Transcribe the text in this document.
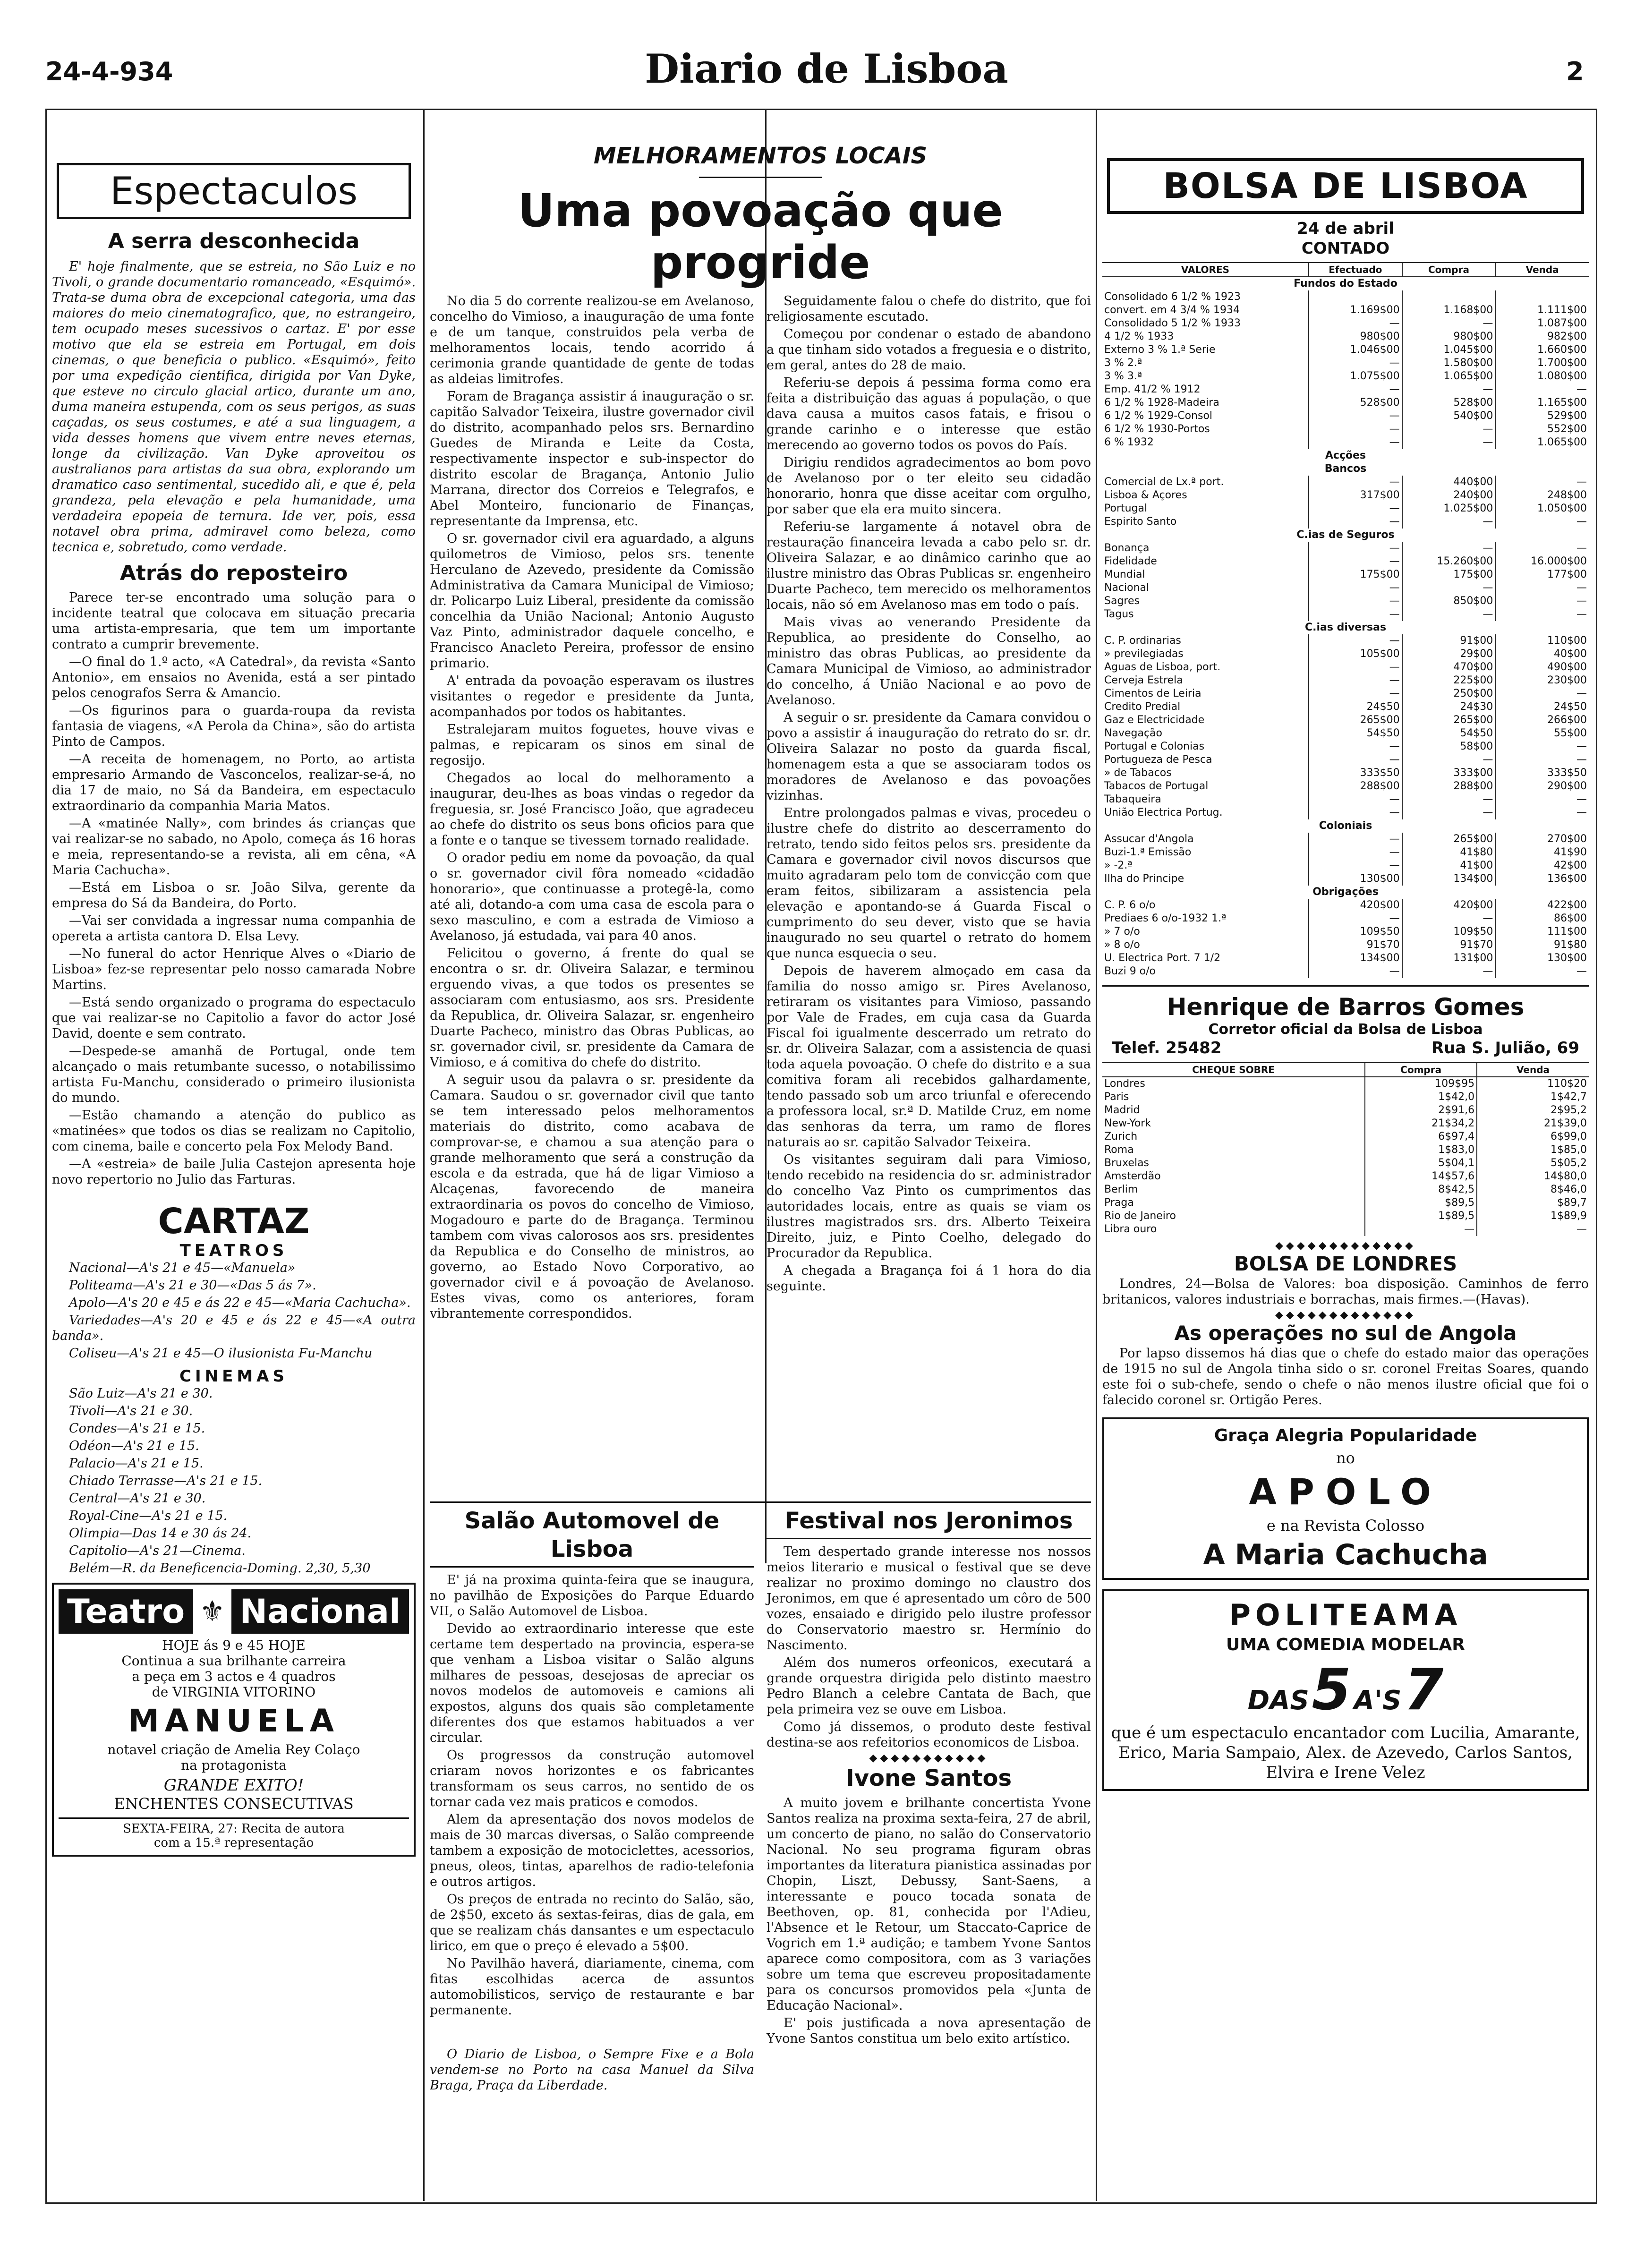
24-4-934	Diario de Lisboa	2
Espectaculos
A serra desconhecida

E' hoje finalmente, que se estreia, no São Luiz e no Tivoli, o grande documentario romanceado, «Esquimó». Trata-se duma obra de excepcional categoria, uma das maiores do meio cinematografico, que, no estrangeiro, tem ocupado meses sucessivos o cartaz. E' por esse motivo que ela se estreia em Portugal, em dois cinemas, o que beneficia o publico. «Esquimó», feito por uma expedição cientifica, dirigida por Van Dyke, que esteve no circulo glacial artico, durante um ano, duma maneira estupenda, com os seus perigos, as suas caçadas, os seus costumes, e até a sua linguagem, a vida desses homens que vivem entre neves eternas, longe da civilização. Van Dyke aproveitou os australianos para artistas da sua obra, explorando um dramatico caso sentimental, sucedido ali, e que é, pela grandeza, pela elevação e pela humanidade, uma verdadeira epopeia de ternura. Ide ver, pois, essa notavel obra prima, admiravel como beleza, como tecnica e, sobretudo, como verdade.

Atrás do reposteiro

Parece ter-se encontrado uma solução para o incidente teatral que colocava em situação precaria uma artista-empresaria, que tem um importante contrato a cumprir brevemente.

—O final do 1.º acto, «A Catedral», da revista «Santo Antonio», em ensaios no Avenida, está a ser pintado pelos cenografos Serra & Amancio.

—Os figurinos para o guarda-roupa da revista fantasia de viagens, «A Perola da China», são do artista Pinto de Campos.

—A receita de homenagem, no Porto, ao artista empresario Armando de Vasconcelos, realizar-se-á, no dia 17 de maio, no Sá da Bandeira, em espectaculo extraordinario da companhia Maria Matos.

—A «matinée Nally», com brindes ás crianças que vai realizar-se no sabado, no Apolo, começa ás 16 horas e meia, representando-se a revista, ali em cêna, «A Maria Cachucha».

—Está em Lisboa o sr. João Silva, gerente da empresa do Sá da Bandeira, do Porto.

—Vai ser convidada a ingressar numa companhia de opereta a artista cantora D. Elsa Levy.

—No funeral do actor Henrique Alves o «Diario de Lisboa» fez-se representar pelo nosso camarada Nobre Martins.

—Está sendo organizado o programa do espectaculo que vai realizar-se no Capitolio a favor do actor José David, doente e sem contrato.

—Despede-se amanhã de Portugal, onde tem alcançado o mais retumbante sucesso, o notabilissimo artista Fu-Manchu, considerado o primeiro ilusionista do mundo.

—Estão chamando a atenção do publico as «matinées» que todos os dias se realizam no Capitolio, com cinema, baile e concerto pela Fox Melody Band.

—A «estreia» de baile Julia Castejon apresenta hoje novo repertorio no Julio das Farturas.

CARTAZ
TEATROS

Nacional—A's 21 e 45—«Manuela»

Politeama—A's 21 e 30—«Das 5 ás 7».

Apolo—A's 20 e 45 e ás 22 e 45—«Maria Cachucha».

Variedades—A's 20 e 45 e ás 22 e 45—«A outra banda».

Coliseu—A's 21 e 45—O ilusionista Fu-Manchu

CINEMAS

São Luiz—A's 21 e 30.

Tivoli—A's 21 e 30.

Condes—A's 21 e 15.

Odéon—A's 21 e 15.

Palacio—A's 21 e 15.

Chiado Terrasse—A's 21 e 15.

Central—A's 21 e 30.

Royal-Cine—A's 21 e 15.

Olimpia—Das 14 e 30 ás 24.

Capitolio—A's 21—Cinema.

Belém—R. da Beneficencia-Doming. 2,30, 5,30

Teatro ⚜ Nacional
HOJE ás 9 e 45 HOJE
Continua a sua brilhante carreira
a peça em 3 actos e 4 quadros
de VIRGINIA VITORINO
MANUELA
notavel criação de Amelia Rey Colaço
na protagonista
GRANDE EXITO!
ENCHENTES CONSECUTIVAS
SEXTA-FEIRA, 27: Recita de autora
com a 15.ª representação
MELHORAMENTOS LOCAIS
Uma povoação que progride

No dia 5 do corrente realizou-se em Avelanoso, concelho do Vimioso, a inauguração de uma fonte e de um tanque, construidos pela verba de melhoramentos locais, tendo acorrido á cerimonia grande quantidade de gente de todas as aldeias limitrofes.

Foram de Bragança assistir á inauguração o sr. capitão Salvador Teixeira, ilustre governador civil do distrito, acompanhado pelos srs. Bernardino Guedes de Miranda e Leite da Costa, respectivamente inspector e sub-inspector do distrito escolar de Bragança, Antonio Julio Marrana, director dos Correios e Telegrafos, e Abel Monteiro, funcionario de Finanças, representante da Imprensa, etc.

O sr. governador civil era aguardado, a alguns quilometros de Vimioso, pelos srs. tenente Herculano de Azevedo, presidente da Comissão Administrativa da Camara Municipal de Vimioso; dr. Policarpo Luiz Liberal, presidente da comissão concelhia da União Nacional; Antonio Augusto Vaz Pinto, administrador daquele concelho, e Francisco Anacleto Pereira, professor de ensino primario.

A' entrada da povoação esperavam os ilustres visitantes o regedor e presidente da Junta, acompanhados por todos os habitantes.

Estralejaram muitos foguetes, houve vivas e palmas, e repicaram os sinos em sinal de regosijo.

Chegados ao local do melhoramento a inaugurar, deu-lhes as boas vindas o regedor da freguesia, sr. José Francisco João, que agradeceu ao chefe do distrito os seus bons oficios para que a fonte e o tanque se tivessem tornado realidade.

O orador pediu em nome da povoação, da qual o sr. governador civil fôra nomeado «cidadão honorario», que continuasse a protegê-la, como até ali, dotando-a com uma casa de escola para o sexo masculino, e com a estrada de Vimioso a Avelanoso, já estudada, vai para 40 anos.

Felicitou o governo, á frente do qual se encontra o sr. dr. Oliveira Salazar, e terminou erguendo vivas, a que todos os presentes se associaram com entusiasmo, aos srs. Presidente da Republica, dr. Oliveira Salazar, sr. engenheiro Duarte Pacheco, ministro das Obras Publicas, ao sr. governador civil, sr. presidente da Camara de Vimioso, e á comitiva do chefe do distrito.

A seguir usou da palavra o sr. presidente da Camara. Saudou o sr. governador civil que tanto se tem interessado pelos melhoramentos materiais do distrito, como acabava de comprovar-se, e chamou a sua atenção para o grande melhoramento que será a construção da escola e da estrada, que há de ligar Vimioso a Alcaçenas, favorecendo de maneira extraordinaria os povos do concelho de Vimioso, Mogadouro e parte do de Bragança. Terminou tambem com vivas calorosos aos srs. presidentes da Republica e do Conselho de ministros, ao governo, ao Estado Novo Corporativo, ao governador civil e á povoação de Avelanoso. Estes vivas, como os anteriores, foram vibrantemente correspondidos.

Seguidamente falou o chefe do distrito, que foi religiosamente escutado.

Começou por condenar o estado de abandono a que tinham sido votados a freguesia e o distrito, em geral, antes do 28 de maio.

Referiu-se depois á pessima forma como era feita a distribuição das aguas á população, o que dava causa a muitos casos fatais, e frisou o grande carinho e o interesse que estão merecendo ao governo todos os povos do País.

Dirigiu rendidos agradecimentos ao bom povo de Avelanoso por o ter eleito seu cidadão honorario, honra que disse aceitar com orgulho, por saber que ela era muito sincera.

Referiu-se largamente á notavel obra de restauração financeira levada a cabo pelo sr. dr. Oliveira Salazar, e ao dinâmico carinho que ao ilustre ministro das Obras Publicas sr. engenheiro Duarte Pacheco, tem merecido os melhoramentos locais, não só em Avelanoso mas em todo o país.

Mais vivas ao venerando Presidente da Republica, ao presidente do Conselho, ao ministro das obras Publicas, ao presidente da Camara Municipal de Vimioso, ao administrador do concelho, á União Nacional e ao povo de Avelanoso.

A seguir o sr. presidente da Camara convidou o povo a assistir á inauguração do retrato do sr. dr. Oliveira Salazar no posto da guarda fiscal, homenagem esta a que se associaram todos os moradores de Avelanoso e das povoações vizinhas.

Entre prolongados palmas e vivas, procedeu o ilustre chefe do distrito ao descerramento do retrato, tendo sido feitos pelos srs. presidente da Camara e governador civil novos discursos que muito agradaram pelo tom de convicção com que eram feitos, sibilizaram a assistencia pela elevação e apontando-se á Guarda Fiscal o cumprimento do seu dever, visto que se havia inaugurado no seu quartel o retrato do homem que nunca esquecia o seu.

Depois de haverem almoçado em casa da familia do nosso amigo sr. Pires Avelanoso, retiraram os visitantes para Vimioso, passando por Vale de Frades, em cuja casa da Guarda Fiscal foi igualmente descerrado um retrato do sr. dr. Oliveira Salazar, com a assistencia de quasi toda aquela povoação. O chefe do distrito e a sua comitiva foram ali recebidos galhardamente, tendo passado sob um arco triunfal e oferecendo a professora local, sr.ª D. Matilde Cruz, em nome das senhoras da terra, um ramo de flores naturais ao sr. capitão Salvador Teixeira.

Os visitantes seguiram dali para Vimioso, tendo recebido na residencia do sr. administrador do concelho Vaz Pinto os cumprimentos das autoridades locais, entre as quais se viam os ilustres magistrados srs. drs. Alberto Teixeira Direito, juiz, e Pinto Coelho, delegado do Procurador da Republica.

A chegada a Bragança foi á 1 hora do dia seguinte.

Salão Automovel de Lisboa

E' já na proxima quinta-feira que se inaugura, no pavilhão de Exposições do Parque Eduardo VII, o Salão Automovel de Lisboa.

Devido ao extraordinario interesse que este certame tem despertado na provincia, espera-se que venham a Lisboa visitar o Salão alguns milhares de pessoas, desejosas de apreciar os novos modelos de automoveis e camions ali expostos, alguns dos quais são completamente diferentes dos que estamos habituados a ver circular.

Os progressos da construção automovel criaram novos horizontes e os fabricantes transformam os seus carros, no sentido de os tornar cada vez mais praticos e comodos.

Alem da apresentação dos novos modelos de mais de 30 marcas diversas, o Salão compreende tambem a exposição de motociclettes, acessorios, pneus, oleos, tintas, aparelhos de radio-telefonia e outros artigos.

Os preços de entrada no recinto do Salão, são, de 2$50, exceto ás sextas-feiras, dias de gala, em que se realizam chás dansantes e um espectaculo lirico, em que o preço é elevado a 5$00.

No Pavilhão haverá, diariamente, cinema, com fitas escolhidas acerca de assuntos automobilisticos, serviço de restaurante e bar permanente.

O Diario de Lisboa, o Sempre Fixe e a Bola vendem-se no Porto na casa Manuel da Silva Braga, Praça da Liberdade.

Festival nos Jeronimos

Tem despertado grande interesse nos nossos meios literario e musical o festival que se deve realizar no proximo domingo no claustro dos Jeronimos, em que é apresentado um côro de 500 vozes, ensaiado e dirigido pelo ilustre professor do Conservatorio maestro sr. Hermínio do Nascimento.

Além dos numeros orfeonicos, executará a grande orquestra dirigida pelo distinto maestro Pedro Blanch a celebre Cantata de Bach, que pela primeira vez se ouve em Lisboa.

Como já dissemos, o produto deste festival destina-se aos refeitorios economicos de Lisboa.

◆◆◆◆◆◆◆◆◆◆◆
Ivone Santos

A muito jovem e brilhante concertista Yvone Santos realiza na proxima sexta-feira, 27 de abril, um concerto de piano, no salão do Conservatorio Nacional. No seu programa figuram obras importantes da literatura pianistica assinadas por Chopin, Liszt, Debussy, Sant-Saens, a interessante e pouco tocada sonata de Beethoven, op. 81, conhecida por l'Adieu, l'Absence et le Retour, um Staccato-Caprice de Vogrich em 1.ª audição; e tambem Yvone Santos aparece como compositora, com as 3 variações sobre um tema que escreveu propositadamente para os concursos promovidos pela «Junta de Educação Nacional».

E' pois justificada a nova apresentação de Yvone Santos constitua um belo exito artístico.

BOLSA DE LISBOA
24 de abril
CONTADO
VALORES	Efectuado	Compra	Venda
Fundos do Estado			
Consolidado 6 1/2 % 1923			
convert. em 4 3/4 % 1934	1.169$00	1.168$00	1.111$00
Consolidado 5 1/2 % 1933	—	—	1.087$00
4 1/2 % 1933	980$00	980$00	982$00
Externo 3 % 1.ª Serie	1.046$00	1.045$00	1.660$00
3 % 2.ª	—	1.580$00	1.700$00
3 % 3.ª	1.075$00	1.065$00	1.080$00
Emp. 41/2 % 1912	—	—	—
6 1/2 % 1928-Madeira	528$00	528$00	1.165$00
6 1/2 % 1929-Consol	—	540$00	529$00
6 1/2 % 1930-Portos	—	—	552$00
6 % 1932	—	—	1.065$00
Acções			
Bancos			
Comercial de Lx.ª port.	—	440$00	—
Lisboa & Açores	317$00	240$00	248$00
Portugal	—	1.025$00	1.050$00
Espirito Santo	—	—	—
C.ias de Seguros			
Bonança	—	—	—
Fidelidade	—	15.260$00	16.000$00
Mundial	175$00	175$00	177$00
Nacional	—	—	—
Sagres	—	850$00	—
Tagus	—	—	—
C.ias diversas			
C. P. ordinarias	—	91$00	110$00
» previlegiadas	105$00	29$00	40$00
Aguas de Lisboa, port.	—	470$00	490$00
Cerveja Estrela	—	225$00	230$00
Cimentos de Leiria	—	250$00	—
Credito Predial	24$50	24$30	24$50
Gaz e Electricidade	265$00	265$00	266$00
Navegação	54$50	54$50	55$00
Portugal e Colonias	—	58$00	—
Portugueza de Pesca	—	—	—
» de Tabacos	333$50	333$00	333$50
Tabacos de Portugal	288$00	288$00	290$00
Tabaqueira	—	—	—
União Electrica Portug.	—	—	—
Coloniais			
Assucar d'Angola	—	265$00	270$00
Buzi-1.ª Emissão	—	41$80	41$90
» -2.ª	—	41$00	42$00
Ilha do Principe	130$00	134$00	136$00
Obrigações			
C. P. 6 o/o	420$00	420$00	422$00
Prediaes 6 o/o-1932 1.ª	—	—	86$00
» 7 o/o	109$50	109$50	111$00
» 8 o/o	91$70	91$70	91$80
U. Electrica Port. 7 1/2	134$00	131$00	130$00
Buzi 9 o/o	—	—	—
Henrique de Barros Gomes
Corretor oficial da Bolsa de Lisboa
Telef. 25482	Rua S. Julião, 69
CHEQUE SOBRE	Compra	Venda
Londres	109$95	110$20
Paris	1$42,0	1$42,7
Madrid	2$91,6	2$95,2
New-York	21$34,2	21$39,0
Zurich	6$97,4	6$99,0
Roma	1$83,0	1$85,0
Bruxelas	5$04,1	5$05,2
Amsterdão	14$57,6	14$80,0
Berlim	8$42,5	8$46,0
Praga	$89,5	$89,7
Rio de Janeiro	1$89,5	1$89,9
Libra ouro	—	—
◆◆◆◆◆◆◆◆◆◆◆◆◆
BOLSA DE LONDRES

Londres, 24—Bolsa de Valores: boa disposição. Caminhos de ferro britanicos, valores industriais e borrachas, mais firmes.—(Havas).

◆◆◆◆◆◆◆◆◆◆◆◆◆
As operações no sul de Angola

Por lapso dissemos há dias que o chefe do estado maior das operações de 1915 no sul de Angola tinha sido o sr. coronel Freitas Soares, quando este foi o sub-chefe, sendo o chefe o não menos ilustre oficial que foi o falecido coronel sr. Ortigão Peres.

Graça Alegria Popularidade
no
APOLO
e na Revista Colosso
A Maria Cachucha
POLITEAMA
UMA COMEDIA MODELAR
DAS 5 A'S 7
que é um espectaculo encantador com Lucilia, Amarante, Erico, Maria Sampaio, Alex. de Azevedo, Carlos Santos, Elvira e Irene Velez
